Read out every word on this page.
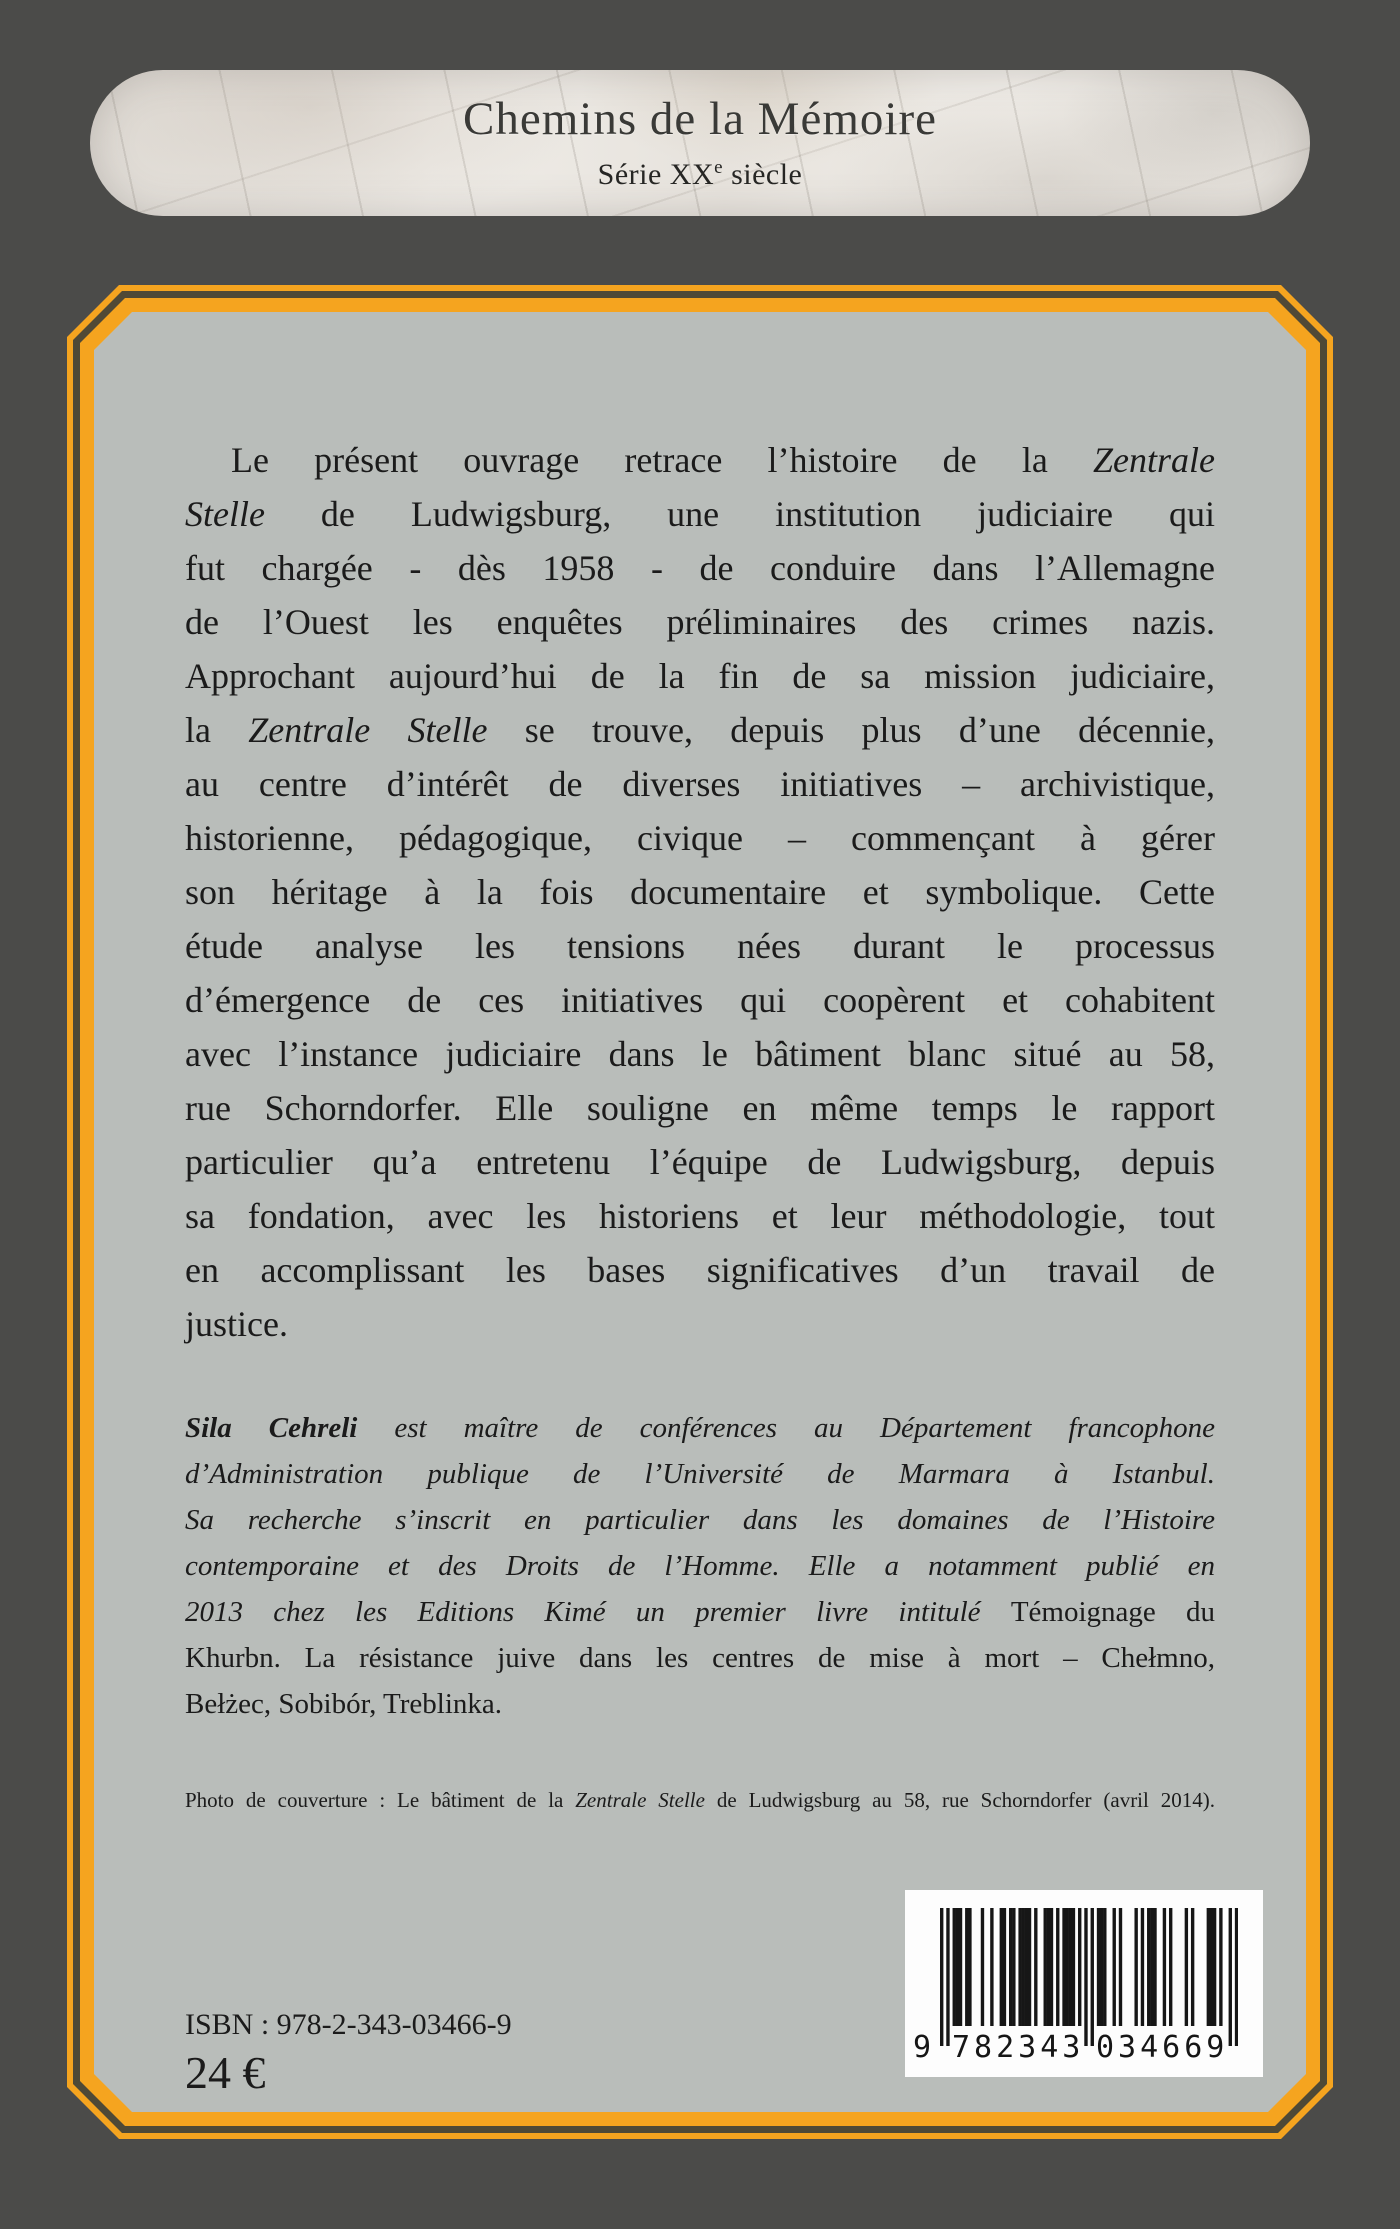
Chemins de la Mémoire
Série XXe siècle
Le présent ouvrage retrace l’histoire de la Zentrale
Stelle de Ludwigsburg, une institution judiciaire qui
fut chargée - dès 1958 - de conduire dans l’Allemagne
de l’Ouest les enquêtes préliminaires des crimes nazis.
Approchant aujourd’hui de la fin de sa mission judiciaire,
la Zentrale Stelle se trouve, depuis plus d’une décennie,
au centre d’intérêt de diverses initiatives – archivistique,
historienne, pédagogique, civique – commençant à gérer
son héritage à la fois documentaire et symbolique. Cette
étude analyse les tensions nées durant le processus
d’émergence de ces initiatives qui coopèrent et cohabitent
avec l’instance judiciaire dans le bâtiment blanc situé au 58,
rue Schorndorfer. Elle souligne en même temps le rapport
particulier qu’a entretenu l’équipe de Ludwigsburg, depuis
sa fondation, avec les historiens et leur méthodologie, tout
en accomplissant les bases significatives d’un travail de
justice.
Sila Cehreli est maître de conférences au Département francophone
d’Administration publique de l’Université de Marmara à Istanbul.
Sa recherche s’inscrit en particulier dans les domaines de l’Histoire
contemporaine et des Droits de l’Homme. Elle a notamment publié en
2013 chez les Editions Kimé un premier livre intitulé Témoignage du
Khurbn. La résistance juive dans les centres de mise à mort – Chełmno,
Bełżec, Sobibór, Treblinka.
Photo de couverture : Le bâtiment de la Zentrale Stelle de Ludwigsburg au 58, rue Schorndorfer (avril 2014).
9 782343 034669
ISBN : 978-2-343-03466-9
24 €
